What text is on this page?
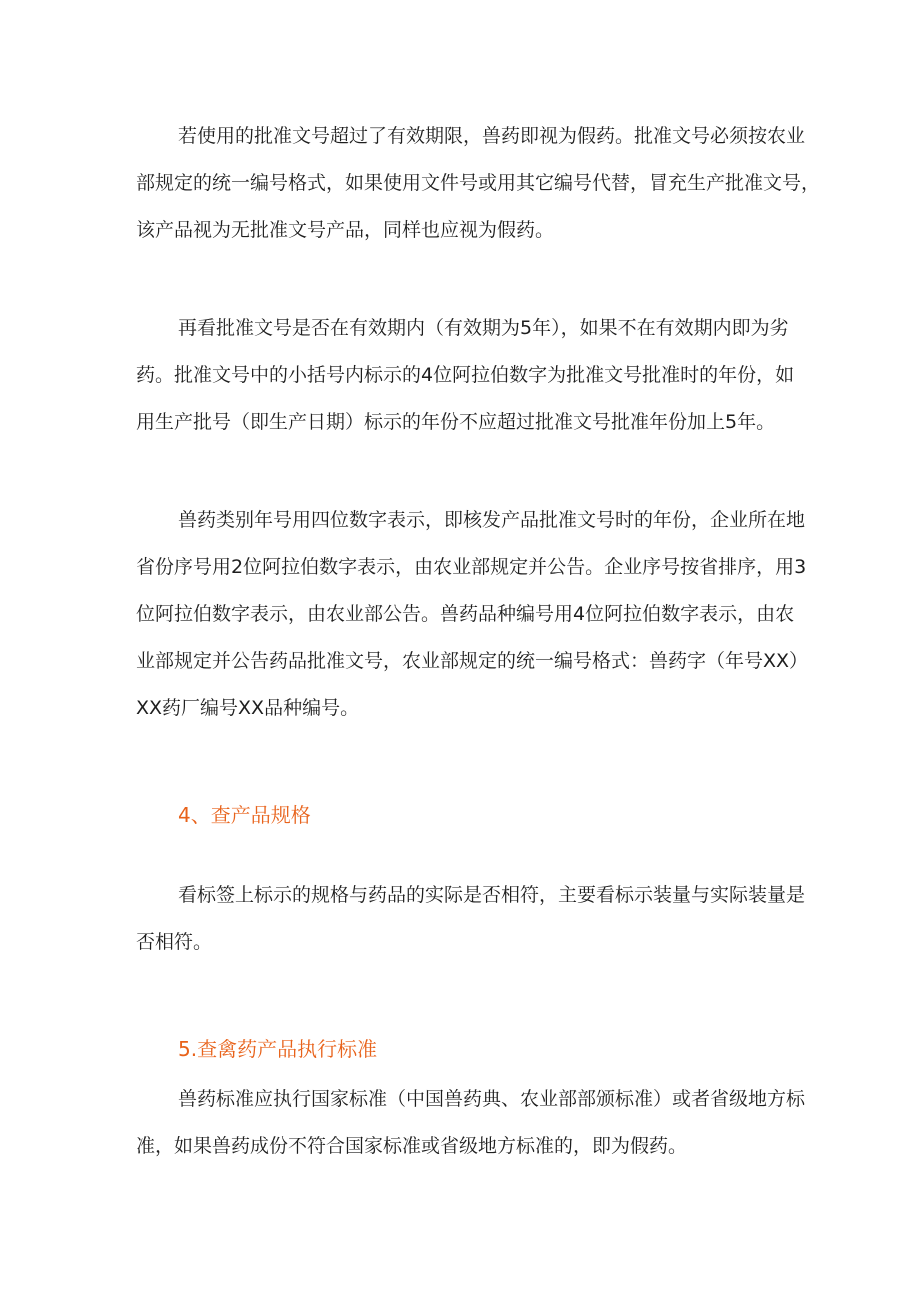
若使用的批准文号超过了有效期限，兽药即视为假药。批准文号必须按农业
部规定的统一编号格式，如果使用文件号或用其它编号代替，冒充生产批准文号，
该产品视为无批准文号产品，同样也应视为假药。

再看批准文号是否在有效期内（有效期为5年），如果不在有效期内即为劣
药。批准文号中的小括号内标示的4位阿拉伯数字为批准文号批准时的年份，如
用生产批号（即生产日期）标示的年份不应超过批准文号批准年份加上5年。

兽药类别年号用四位数字表示，即核发产品批准文号时的年份，企业所在地
省份序号用2位阿拉伯数字表示，由农业部规定并公告。企业序号按省排序，用3
位阿拉伯数字表示，由农业部公告。兽药品种编号用4位阿拉伯数字表示，由农
业部规定并公告药品批准文号，农业部规定的统一编号格式：兽药字（年号XX）
XX药厂编号XX品种编号。

4、查产品规格

看标签上标示的规格与药品的实际是否相符，主要看标示装量与实际装量是
否相符。

5.查禽药产品执行标准

兽药标准应执行国家标准（中国兽药典、农业部部颁标准）或者省级地方标
准，如果兽药成份不符合国家标准或省级地方标准的，即为假药。
